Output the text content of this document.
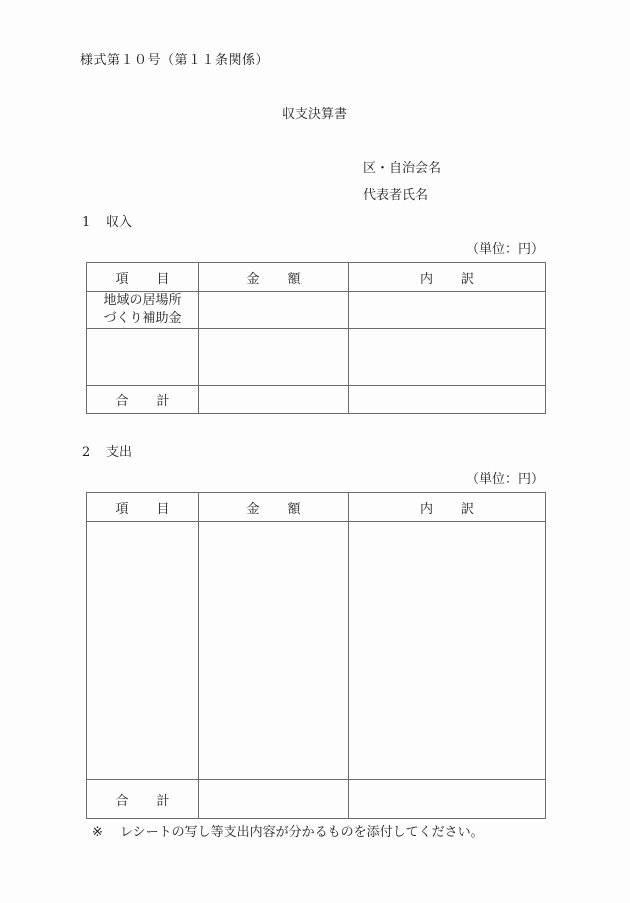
様式第１０号（第１１条関係）
収支決算書
区・自治会名
代表者氏名
1 収入
（単位：円）
項 目	金 額	内 訳

地域の居場所
づくり補助金		

合 計		
2 支出
（単位：円）
項 目	金 額	内 訳

合 計		
※ レシートの写し等支出内容が分かるものを添付してください。
